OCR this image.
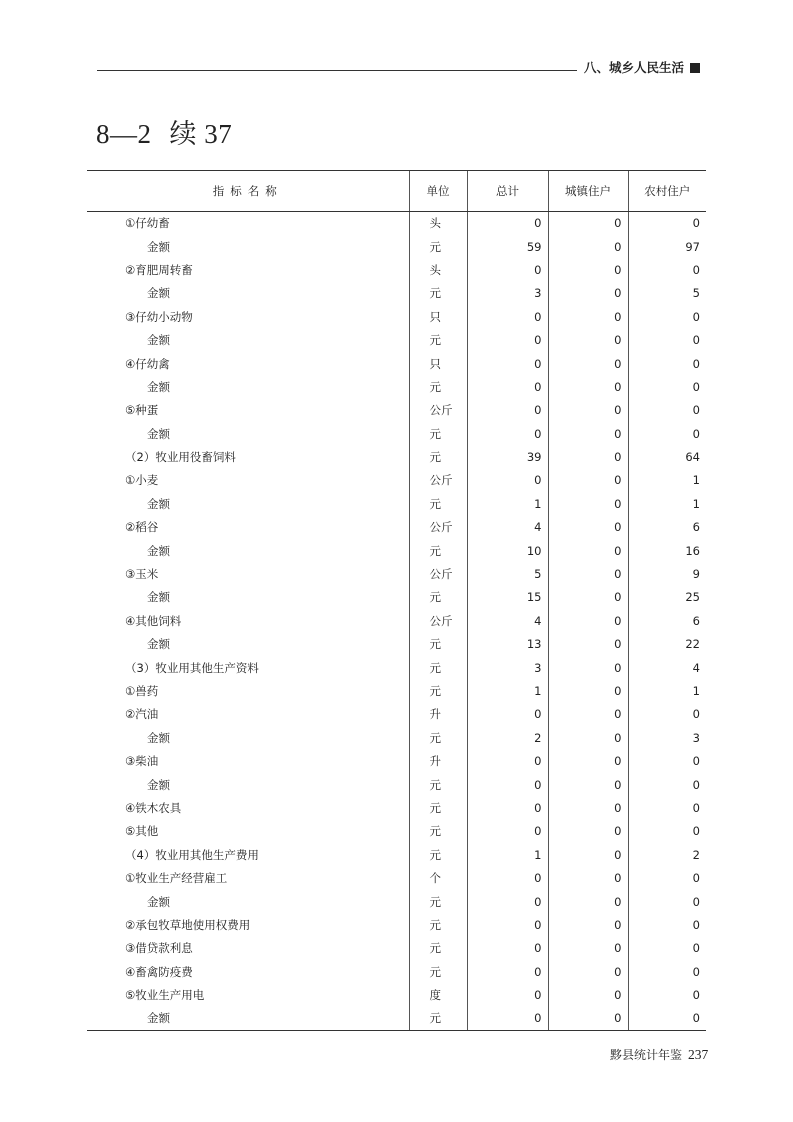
八、城乡人民生活
8—2 续 37
指标名称	单位	总计	城镇住户	农村住户
①仔幼畜	头	0	0	0
金额	元	59	0	97
②育肥周转畜	头	0	0	0
金额	元	3	0	5
③仔幼小动物	只	0	0	0
金额	元	0	0	0
④仔幼禽	只	0	0	0
金额	元	0	0	0
⑤种蛋	公斤	0	0	0
金额	元	0	0	0
（2）牧业用役畜饲料	元	39	0	64
①小麦	公斤	0	0	1
金额	元	1	0	1
②稻谷	公斤	4	0	6
金额	元	10	0	16
③玉米	公斤	5	0	9
金额	元	15	0	25
④其他饲料	公斤	4	0	6
金额	元	13	0	22
（3）牧业用其他生产资料	元	3	0	4
①兽药	元	1	0	1
②汽油	升	0	0	0
金额	元	2	0	3
③柴油	升	0	0	0
金额	元	0	0	0
④铁木农具	元	0	0	0
⑤其他	元	0	0	0
（4）牧业用其他生产费用	元	1	0	2
①牧业生产经营雇工	个	0	0	0
金额	元	0	0	0
②承包牧草地使用权费用	元	0	0	0
③借贷款利息	元	0	0	0
④畜禽防疫费	元	0	0	0
⑤牧业生产用电	度	0	0	0
金额	元	0	0	0
黟县统计年鉴 237
